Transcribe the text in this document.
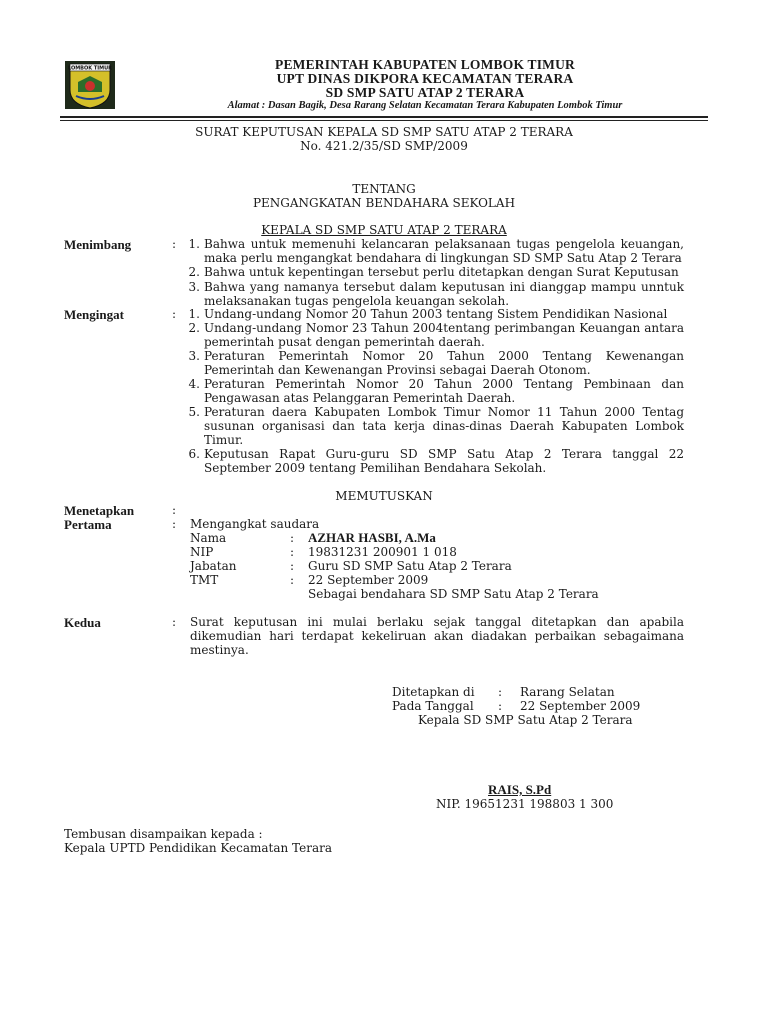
LOMBOK TIMUR	PEMERINTAH KABUPATEN LOMBOK TIMUR
UPT DINAS DIKPORA KECAMATAN TERARA
SD SMP SATU ATAP 2 TERARA
Alamat : Dasan Bagik, Desa Rarang Selatan Kecamatan Terara Kabupaten Lombok Timur
SURAT KEPUTUSAN KEPALA SD SMP SATU ATAP 2 TERARA
No. 421.2/35/SD SMP/2009
TENTANG
PENGANGKATAN BENDAHARA SEKOLAH
KEPALA SD SMP SATU ATAP 2 TERARA
Menimbang	:	1. Bahwa untuk memenuhi kelancaran pelaksanaan tugas pengelola keuangan, maka perlu mengangkat bendahara di lingkungan SD SMP Satu Atap 2 Terara
2. Bahwa untuk kepentingan tersebut perlu ditetapkan dengan Surat Keputusan
3. Bahwa yang namanya tersebut dalam keputusan ini dianggap mampu unntuk melaksanakan tugas pengelola keuangan sekolah.
Mengingat	:	1. Undang-undang Nomor 20 Tahun 2003 tentang Sistem Pendidikan Nasional
2. Undang-undang Nomor 23 Tahun 2004tentang perimbangan Keuangan antara pemerintah pusat dengan pemerintah daerah.
3. Peraturan Pemerintah Nomor 20 Tahun 2000 Tentang Kewenangan Pemerintah dan Kewenangan Provinsi sebagai Daerah Otonom.
4. Peraturan Pemerintah Nomor 20 Tahun 2000 Tentang Pembinaan dan Pengawasan atas Pelanggaran Pemerintah Daerah.
5. Peraturan daera Kabupaten Lombok Timur Nomor 11 Tahun 2000 Tentag susunan organisasi dan tata kerja dinas-dinas Daerah Kabupaten Lombok Timur.
6. Keputusan Rapat Guru-guru SD SMP Satu Atap 2 Terara tanggal 22 September 2009 tentang Pemilihan Bendahara Sekolah.
MEMUTUSKAN
Menetapkan	:
Pertama	: Mengangkat saudara
Nama	: AZHAR HASBI, A.Ma
NIP	: 19831231 200901 1 018
Jabatan	: Guru SD SMP Satu Atap 2 Terara
TMT	: 22 September 2009
Sebagai bendahara SD SMP Satu Atap 2 Terara
Kedua	: Surat keputusan ini mulai berlaku sejak tanggal ditetapkan dan apabila dikemudian hari terdapat kekeliruan akan diadakan perbaikan sebagaimana mestinya.
Ditetapkan di : Rarang Selatan
Pada Tanggal : 22 September 2009
Kepala SD SMP Satu Atap 2 Terara
RAIS, S.Pd
NIP. 19651231 198803 1 300
Tembusan disampaikan kepada :
Kepala UPTD Pendidikan Kecamatan Terara
